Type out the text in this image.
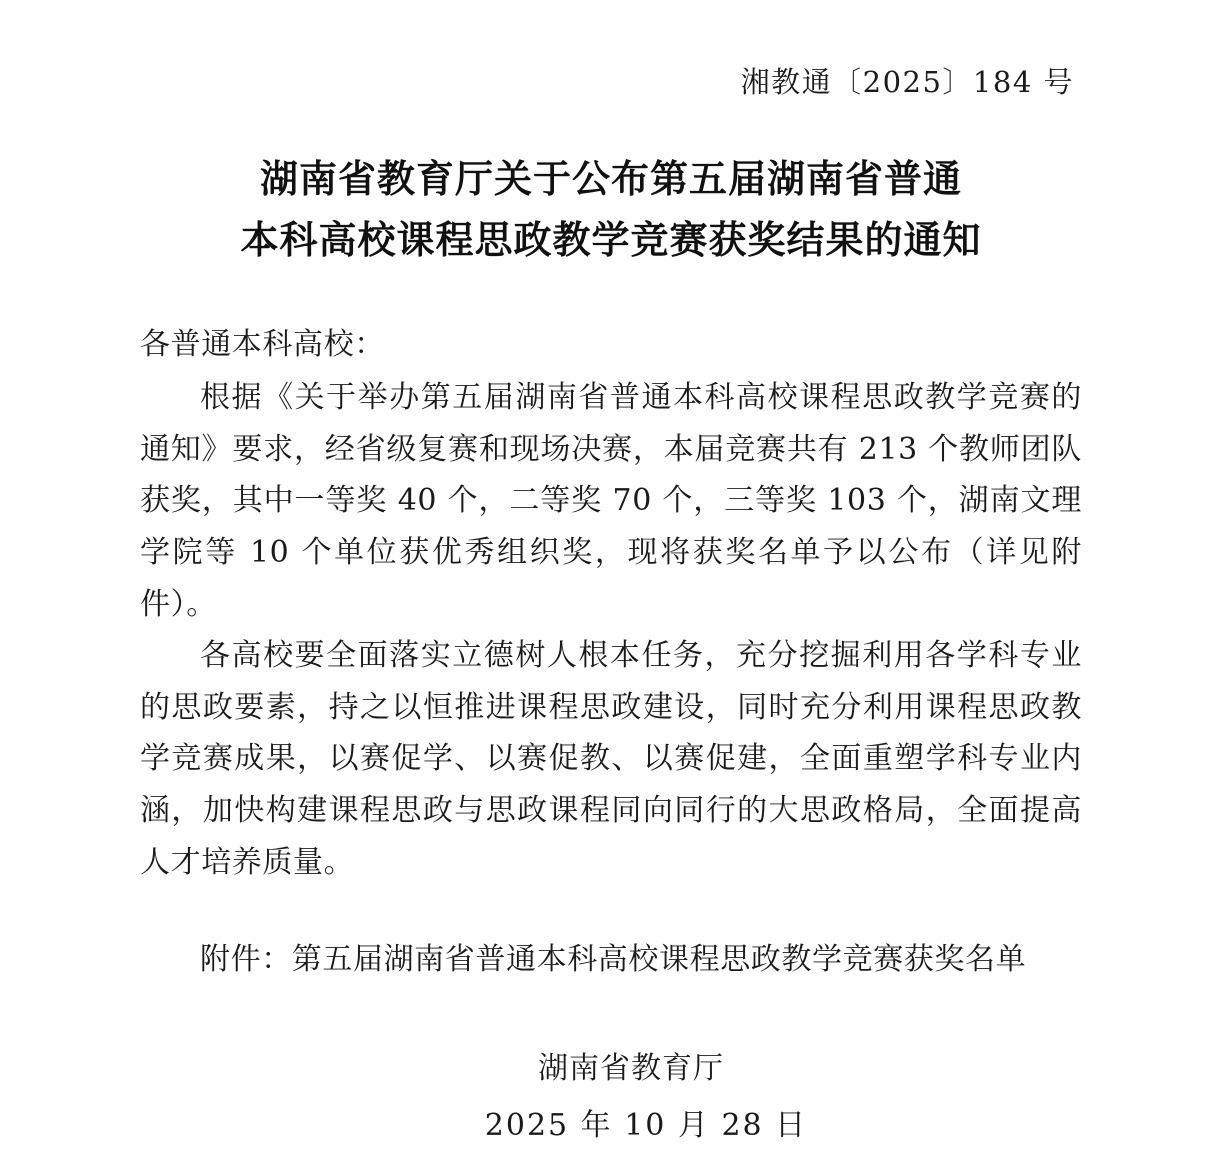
湘教通〔2025〕184 号
湖南省教育厅关于公布第五届湖南省普通
本科高校课程思政教学竞赛获奖结果的通知

各普通本科高校：

根据《关于举办第五届湖南省普通本科高校课程思政教学竞赛的通知》要求，经省级复赛和现场决赛，本届竞赛共有 213 个教师团队获奖，其中一等奖 40 个，二等奖 70 个，三等奖 103 个，湖南文理学院等 10 个单位获优秀组织奖，现将获奖名单予以公布（详见附件）。

各高校要全面落实立德树人根本任务，充分挖掘利用各学科专业的思政要素，持之以恒推进课程思政建设，同时充分利用课程思政教学竞赛成果，以赛促学、以赛促教、以赛促建，全面重塑学科专业内涵，加快构建课程思政与思政课程同向同行的大思政格局，全面提高人才培养质量。

附件：第五届湖南省普通本科高校课程思政教学竞赛获奖名单

湖南省教育厅
2025 年 10 月 28 日
